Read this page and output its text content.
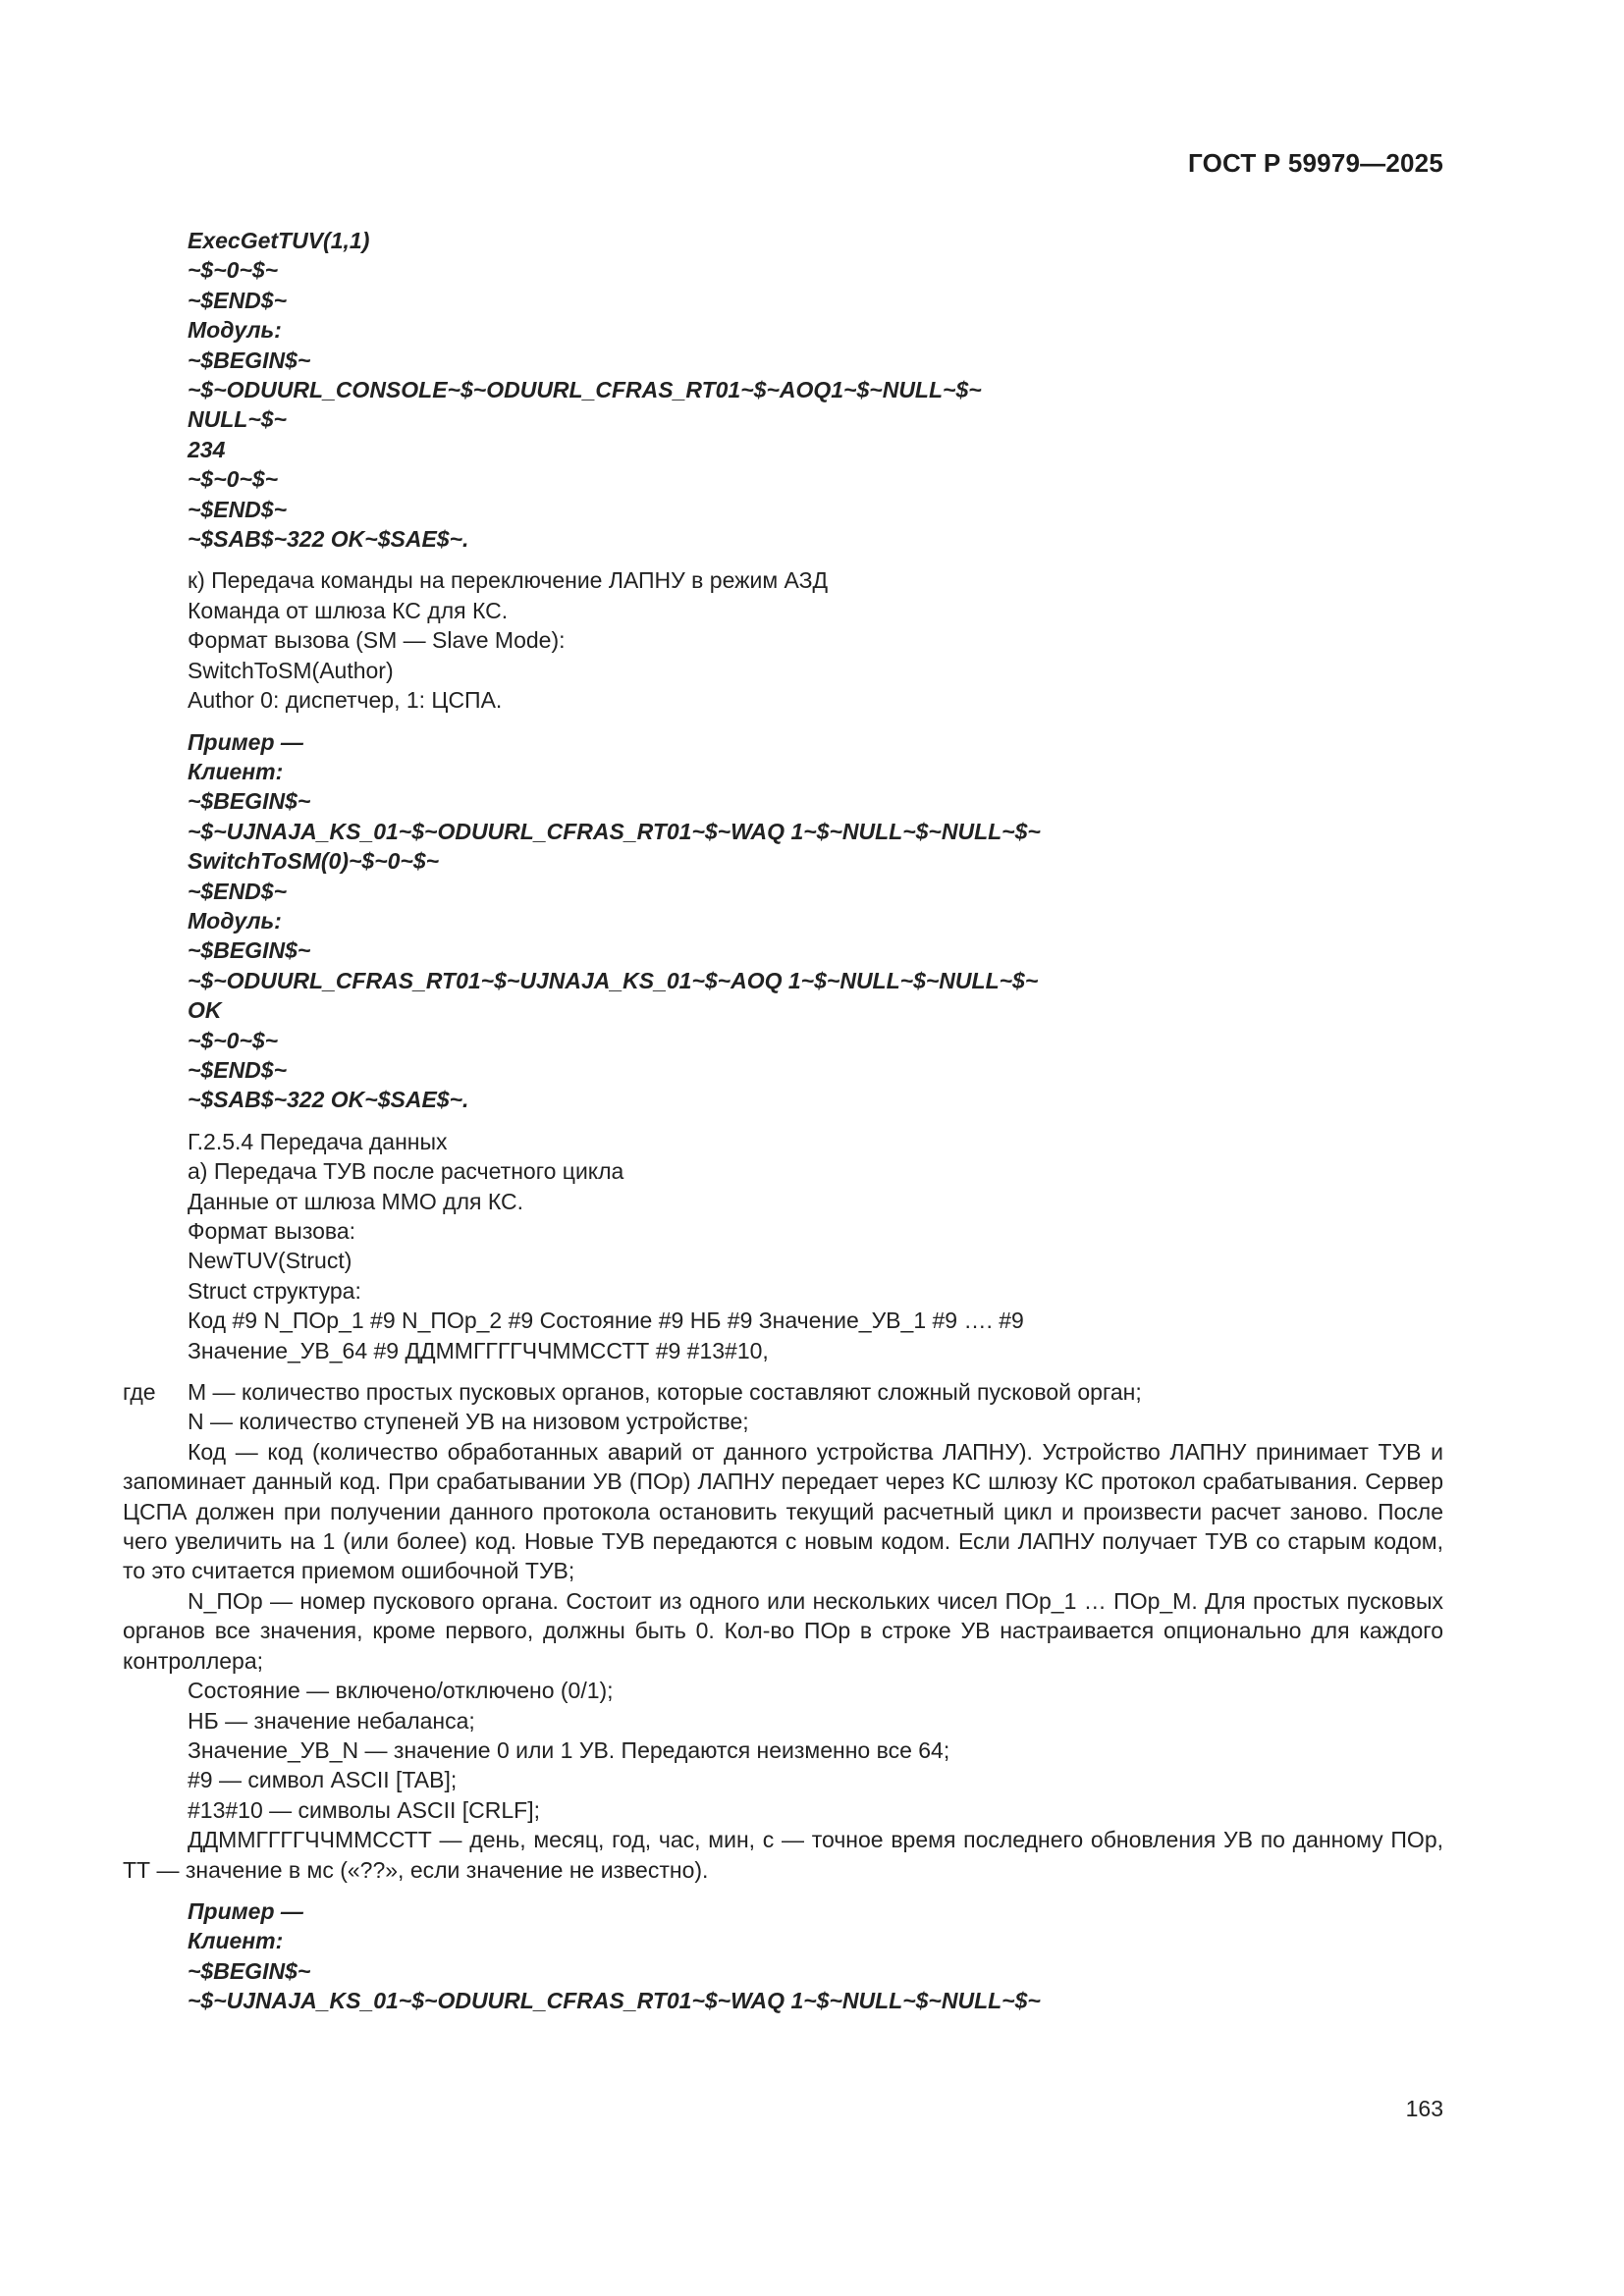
ГОСТ Р 59979—2025
ExecGetTUV(1,1)
~$~0~$~
~$END$~
Модуль:
~$BEGIN$~
~$~ODUURL_CONSOLE~$~ODUURL_CFRAS_RT01~$~AOQ1~$~NULL~$~
NULL~$~
234
~$~0~$~
~$END$~
~$SAB$~322 OK~$SAE$~.
к) Передача команды на переключение ЛАПНУ в режим АЗД
Команда от шлюза КС для КС.
Формат вызова (SM — Slave Mode):
SwitchToSM(Author)
Author 0: диспетчер, 1: ЦСПА.
Пример —
Клиент:
~$BEGIN$~
~$~UJNAJA_KS_01~$~ODUURL_CFRAS_RT01~$~WAQ 1~$~NULL~$~NULL~$~
SwitchToSM(0)~$~0~$~
~$END$~
Модуль:
~$BEGIN$~
~$~ODUURL_CFRAS_RT01~$~UJNAJA_KS_01~$~AOQ 1~$~NULL~$~NULL~$~
OK
~$~0~$~
~$END$~
~$SAB$~322 OK~$SAE$~.
Г.2.5.4 Передача данных
а) Передача ТУВ после расчетного цикла
Данные от шлюза ММО для КС.
Формат вызова:
NewTUV(Struct)
Struct структура:
Код #9 N_ПОр_1 #9 N_ПОр_2 #9 Состояние #9 НБ #9 Значение_УВ_1 #9 …. #9
Значение_УВ_64 #9 ДДММГГГГЧЧММССТТ #9 #13#10,
где М — количество простых пусковых органов, которые составляют сложный пусковой орган;
N — количество ступеней УВ на низовом устройстве;
Код — код (количество обработанных аварий от данного устройства ЛАПНУ). Устройство ЛАПНУ принимает ТУВ и запоминает данный код. При срабатывании УВ (ПОр) ЛАПНУ передает через КС шлюзу КС протокол срабатывания. Сервер ЦСПА должен при получении данного протокола остановить текущий расчетный цикл и произвести расчет заново. После чего увеличить на 1 (или более) код. Новые ТУВ передаются с новым кодом. Если ЛАПНУ получает ТУВ со старым кодом, то это считается приемом ошибочной ТУВ;
N_ПОр — номер пускового органа. Состоит из одного или нескольких чисел ПОр_1 … ПОр_М. Для простых пусковых органов все значения, кроме первого, должны быть 0. Кол-во ПОр в строке УВ настраивается опционально для каждого контроллера;
Состояние — включено/отключено (0/1);
НБ — значение небаланса;
Значение_УВ_N — значение 0 или 1 УВ. Передаются неизменно все 64;
#9 — символ ASCII [TAB];
#13#10 — символы ASCII [CRLF];
ДДММГГГГЧЧММССТТ — день, месяц, год, час, мин, с — точное время последнего обновления УВ по данному ПОр, ТТ — значение в мс («??», если значение не известно).
Пример —
Клиент:
~$BEGIN$~
~$~UJNAJA_KS_01~$~ODUURL_CFRAS_RT01~$~WAQ 1~$~NULL~$~NULL~$~
163
